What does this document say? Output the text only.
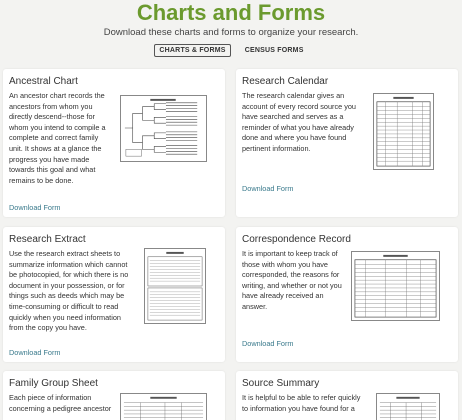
Charts and Forms
Download these charts and forms to organize your research.
CHARTS & FORMS	CENSUS FORMS
Ancestral Chart
An ancestor chart records the
ancestors from whom you
directly descend--those for
whom you intend to compile a
complete and correct family
unit. It shows at a glance the
progress you have made
towards this goal and what
remains to be done.
Download Form
Research Calendar
The research calendar gives an
account of every record source you
have searched and serves as a
reminder of what you have already
done and where you have found
pertinent information.
Download Form
Research Extract
Use the research extract sheets to
summarize information which cannot
be photocopied, for which there is no
document in your possession, or for
things such as deeds which may be
time-consuming or difficult to read
quickly when you need information
from the copy you have.
Download Form
Correspondence Record
It is important to keep track of
those with whom you have
corresponded, the reasons for
writing, and whether or not you
have already received an
answer.
Download Form
Family Group Sheet
Each piece of information
concerning a pedigree ancestor
Source Summary
It is helpful to be able to refer quickly
to information you have found for a
